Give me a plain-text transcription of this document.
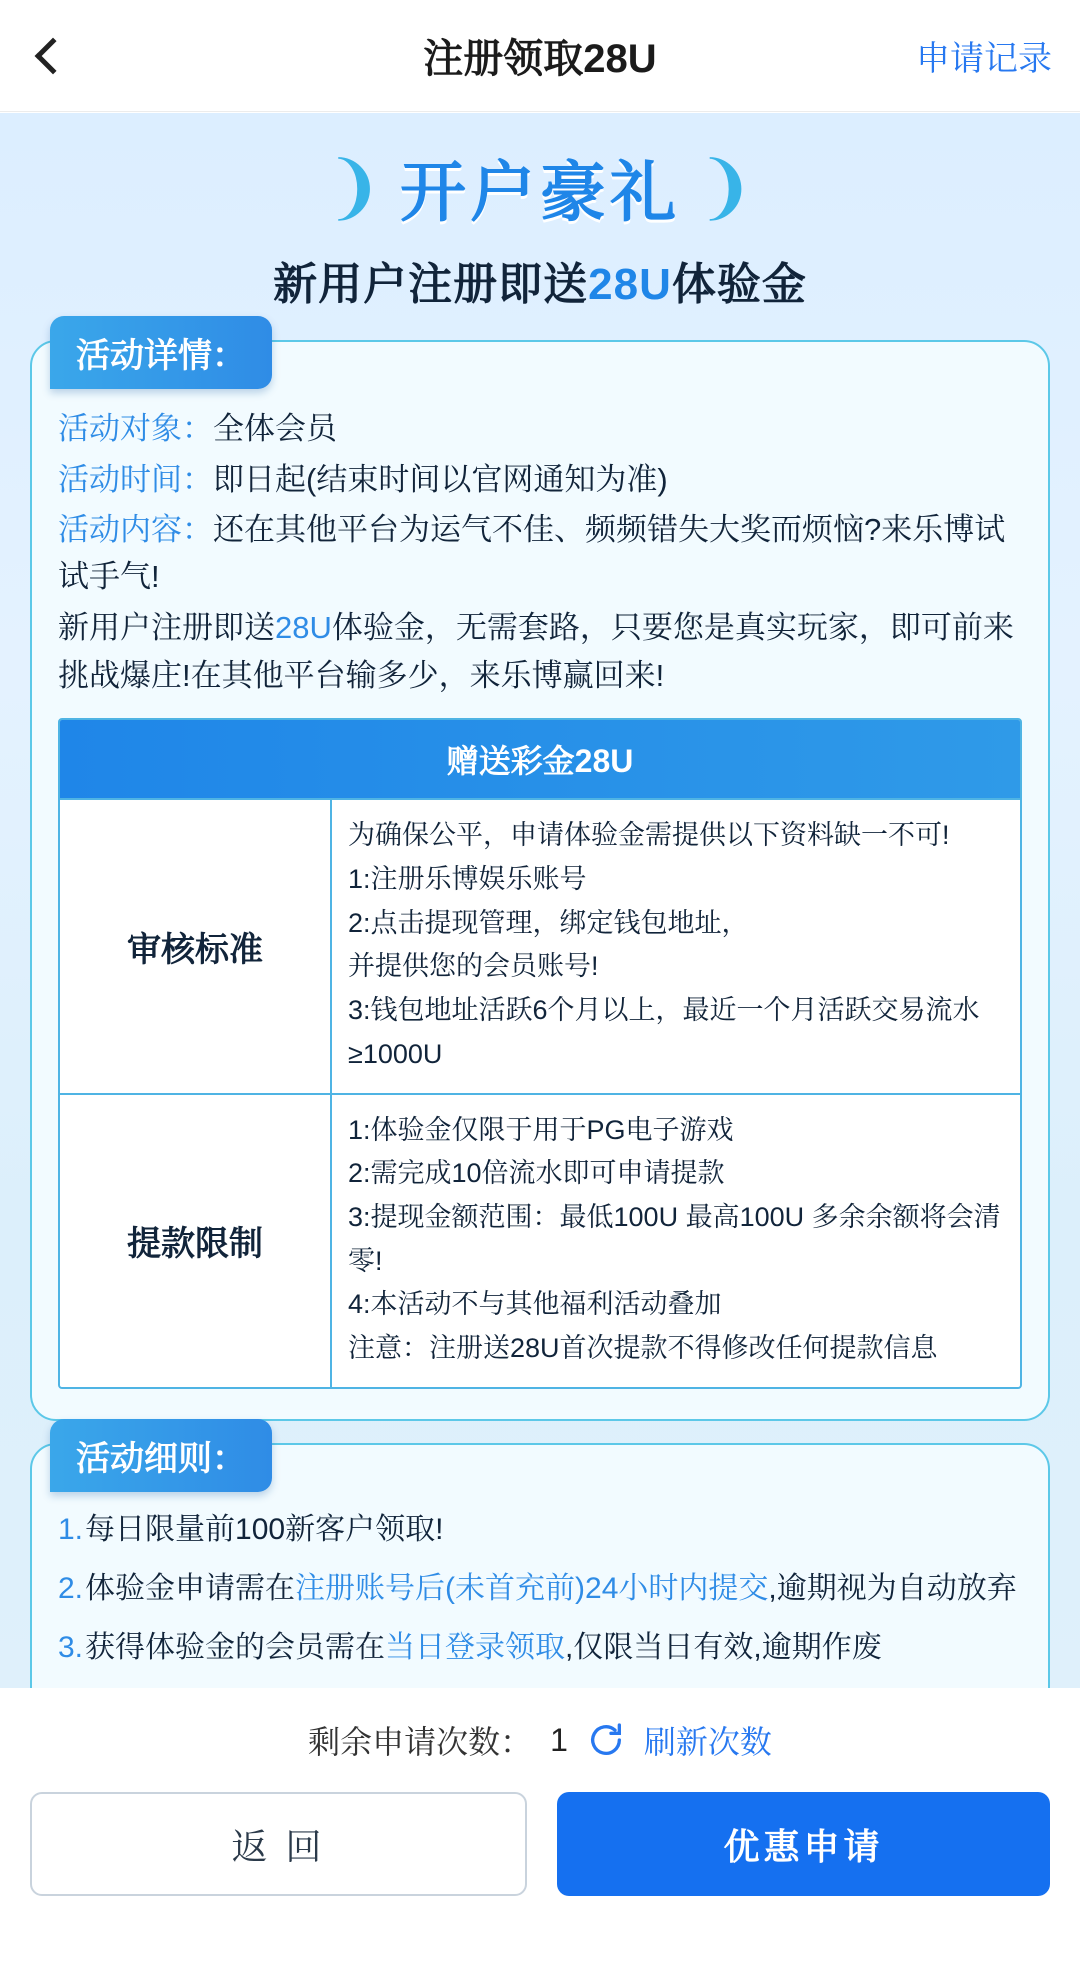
注册领取28U	申请记录
❨ 开户豪礼 ❩
新用户注册即送28U体验金
活动详情：
活动对象：全体会员
活动时间：即日起(结束时间以官网通知为准)
活动内容：还在其他平台为运气不佳、频频错失大奖而烦恼?来乐博试试手气!
新用户注册即送28U体验金，无需套路，只要您是真实玩家，即可前来挑战爆庄!在其他平台输多少，来乐博赢回来!
赠送彩金28U
审核标准
为确保公平，申请体验金需提供以下资料缺一不可!
1:注册乐博娱乐账号
2:点击提现管理，绑定钱包地址，
并提供您的会员账号!
3:钱包地址活跃6个月以上，最近一个月活跃交易流水≥1000U
提款限制
1:体验金仅限于用于PG电子游戏
2:需完成10倍流水即可申请提款
3:提现金额范围：最低100U 最高100U 多余余额将会清零!
4:本活动不与其他福利活动叠加
注意：注册送28U首次提款不得修改任何提款信息
活动细则：
1. 每日限量前100新客户领取!
2. 体验金申请需在注册账号后(未首充前)24小时内提交,逾期视为自动放弃
3. 获得体验金的会员需在当日登录领取,仅限当日有效,逾期作废
剩余申请次数： 1 刷新次数
返 回	优惠申请
